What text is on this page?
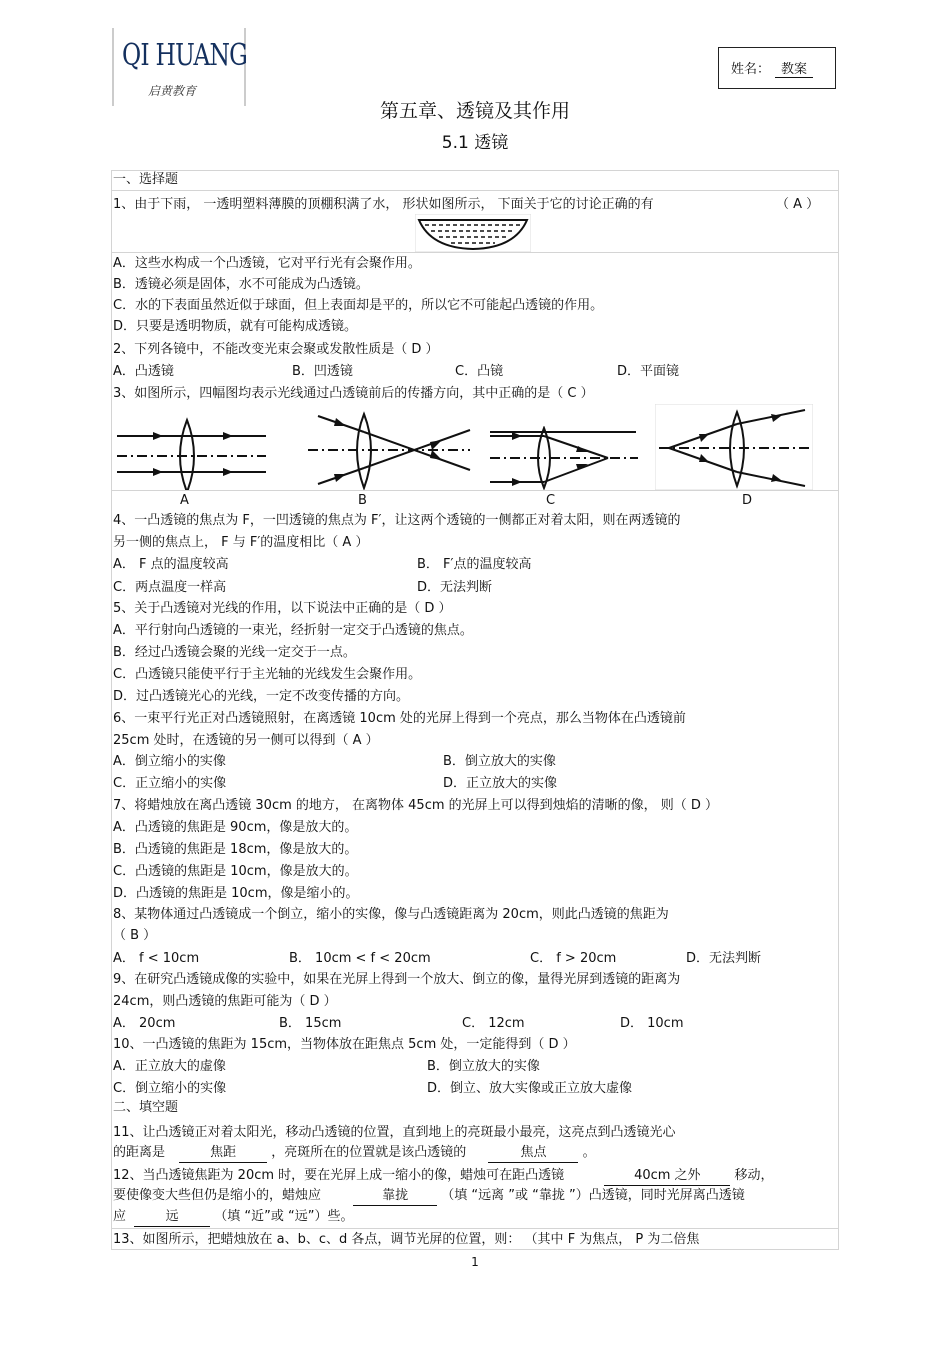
QI HUANG
启黄教育
姓名： 教案
第五章、透镜及其作用
5.1 透镜
一、选择题
1、由于下雨， 一透明塑料薄膜的顶棚积满了水， 形状如图所示， 下面关于它的讨论正确的有	（ A ）
A．这些水构成一个凸透镜，它对平行光有会聚作用。
B．透镜必须是固体，水不可能成为凸透镜。
C．水的下表面虽然近似于球面，但上表面却是平的，所以它不可能起凸透镜的作用。
D．只要是透明物质，就有可能构成透镜。
2、下列各镜中，不能改变光束会聚或发散性质是（ D ）
A．凸透镜	B．凹透镜	C．凸镜	D．平面镜
3、如图所示，四幅图均表示光线通过凸透镜前后的传播方向，其中正确的是（ C ）
A	B	C	D
4、一凸透镜的焦点为 F，一凹透镜的焦点为 F′，让这两个透镜的一侧都正对着太阳，则在两透镜的
另一侧的焦点上， F 与 F′的温度相比（ A ）
A． F 点的温度较高	B． F′点的温度较高
C．两点温度一样高	D．无法判断
5、关于凸透镜对光线的作用，以下说法中正确的是（ D ）
A．平行射向凸透镜的一束光，经折射一定交于凸透镜的焦点。
B．经过凸透镜会聚的光线一定交于一点。
C．凸透镜只能使平行于主光轴的光线发生会聚作用。
D．过凸透镜光心的光线，一定不改变传播的方向。
6、一束平行光正对凸透镜照射，在离透镜 10cm 处的光屏上得到一个亮点，那么当物体在凸透镜前
25cm 处时，在透镜的另一侧可以得到（ A ）
A．倒立缩小的实像	B．倒立放大的实像
C．正立缩小的实像	D．正立放大的实像
7、将蜡烛放在离凸透镜 30cm 的地方， 在离物体 45cm 的光屏上可以得到烛焰的清晰的像， 则（ D ）
A．凸透镜的焦距是 90cm，像是放大的。
B．凸透镜的焦距是 18cm，像是放大的。
C．凸透镜的焦距是 10cm，像是放大的。
D．凸透镜的焦距是 10cm，像是缩小的。
8、某物体通过凸透镜成一个倒立，缩小的实像，像与凸透镜距离为 20cm，则此凸透镜的焦距为
（ B ）
A． f < 10cm	B． 10cm < f < 20cm	C． f > 20cm	D．无法判断
9、在研究凸透镜成像的实验中，如果在光屏上得到一个放大、倒立的像，量得光屏到透镜的距离为
24cm，则凸透镜的焦距可能为（ D ）
A． 20cm	B． 15cm	C． 12cm	D． 10cm
10、一凸透镜的焦距为 15cm，当物体放在距焦点 5cm 处，一定能得到（ D ）
A．正立放大的虚像	B．倒立放大的实像
C．倒立缩小的实像	D．倒立、放大实像或正立放大虚像
二、填空题
11、让凸透镜正对着太阳光，移动凸透镜的位置，直到地上的亮斑最小最亮，这亮点到凸透镜光心
的距离是	焦距	，亮斑所在的位置就是该凸透镜的	焦点	。
12、当凸透镜焦距为 20cm 时，要在光屏上成一缩小的像，蜡烛可在距凸透镜	40cm 之外	移动，
要使像变大些但仍是缩小的，蜡烛应	靠拢	（填 “远离 ”或 “靠拢 ”）凸透镜，同时光屏离凸透镜
应	远	（填 “近”或 “远”）些。
13、如图所示，把蜡烛放在 a、b、c、d 各点，调节光屏的位置，则： （其中 F 为焦点， P 为二倍焦
1
